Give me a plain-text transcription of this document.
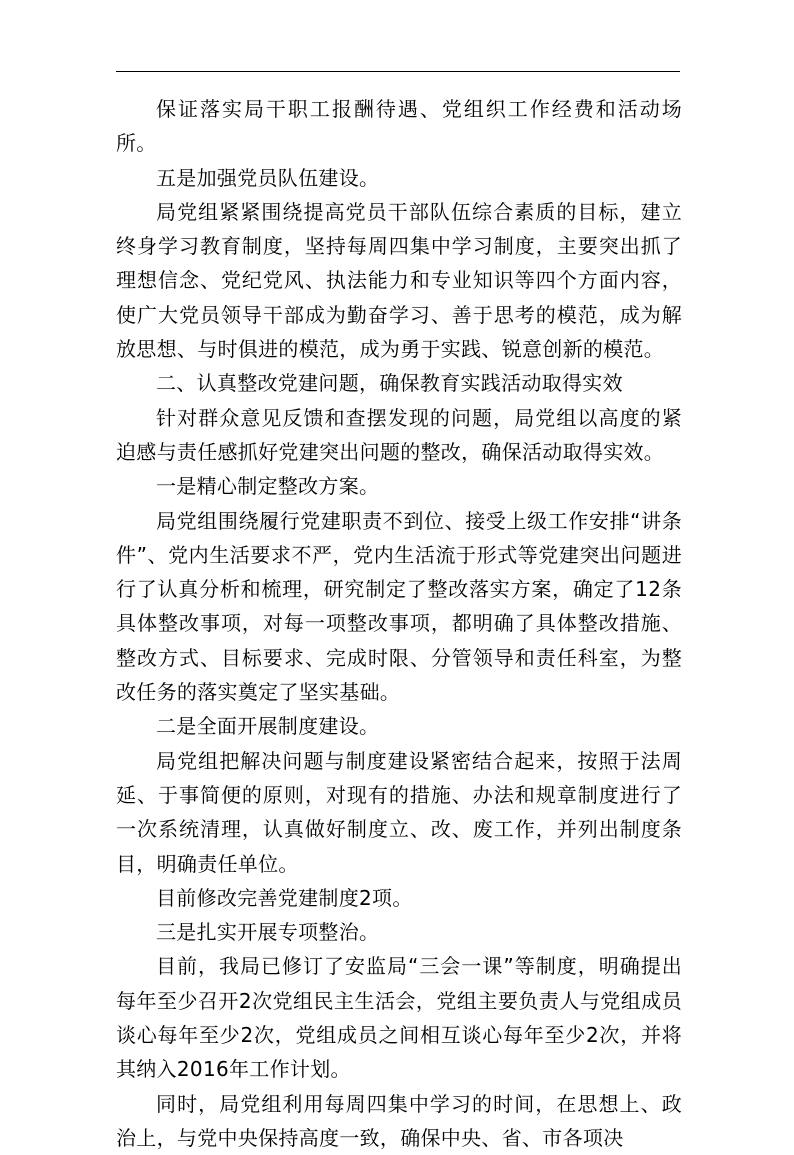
保证落实局干职工报酬待遇、党组织工作经费和活动场所。

五是加强党员队伍建设。

局党组紧紧围绕提高党员干部队伍综合素质的目标，建立终身学习教育制度，坚持每周四集中学习制度，主要突出抓了理想信念、党纪党风、执法能力和专业知识等四个方面内容，使广大党员领导干部成为勤奋学习、善于思考的模范，成为解放思想、与时俱进的模范，成为勇于实践、锐意创新的模范。

二、认真整改党建问题，确保教育实践活动取得实效

针对群众意见反馈和查摆发现的问题，局党组以高度的紧迫感与责任感抓好党建突出问题的整改，确保活动取得实效。

一是精心制定整改方案。

局党组围绕履行党建职责不到位、接受上级工作安排“讲条件”、党内生活要求不严，党内生活流于形式等党建突出问题进行了认真分析和梳理，研究制定了整改落实方案，确定了12条具体整改事项，对每一项整改事项，都明确了具体整改措施、整改方式、目标要求、完成时限、分管领导和责任科室，为整改任务的落实奠定了坚实基础。

二是全面开展制度建设。

局党组把解决问题与制度建设紧密结合起来，按照于法周延、于事简便的原则，对现有的措施、办法和规章制度进行了一次系统清理，认真做好制度立、改、废工作，并列出制度条目，明确责任单位。

目前修改完善党建制度2项。

三是扎实开展专项整治。

目前，我局已修订了安监局“三会一课”等制度，明确提出每年至少召开2次党组民主生活会，党组主要负责人与党组成员谈心每年至少2次，党组成员之间相互谈心每年至少2次，并将其纳入2016年工作计划。

同时，局党组利用每周四集中学习的时间，在思想上、政治上，与党中央保持高度一致，确保中央、省、市各项决
